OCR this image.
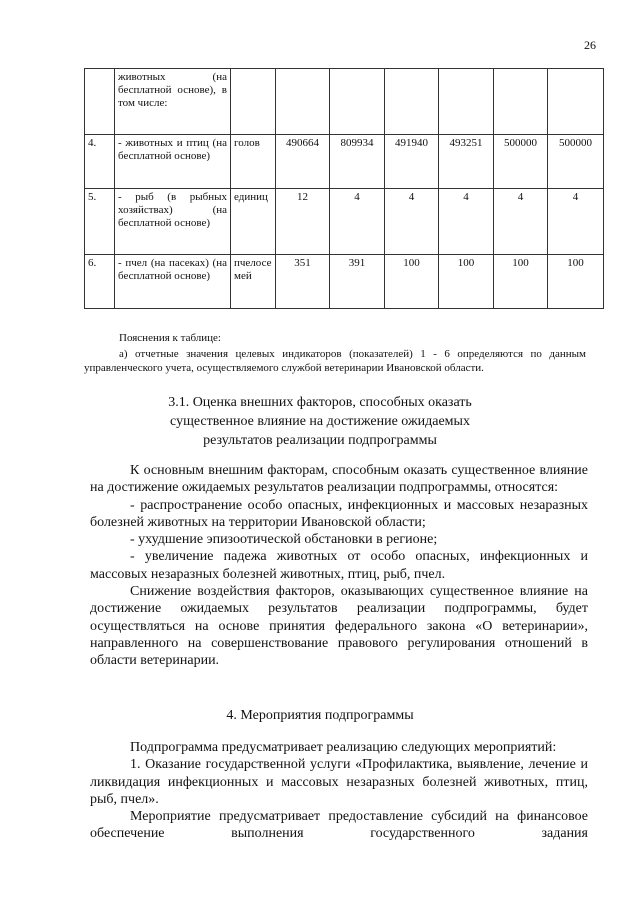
26
	животных (на бесплатной основе), в том числе:							
4.	- животных и птиц (на бесплатной основе)	голов	490664	809934	491940	493251	500000	500000
5.	- рыб (в рыбных хозяйствах) (на бесплатной основе)	единиц	12	4	4	4	4	4
6.	- пчел (на пасеках) (на бесплатной основе)	пчелосемей	351	391	100	100	100	100
Пояснения к таблице:
а) отчетные значения целевых индикаторов (показателей) 1 - 6 определяются по данным управленческого учета, осуществляемого службой ветеринарии Ивановской области.
3.1. Оценка внешних факторов, способных оказать существенное влияние на достижение ожидаемых результатов реализации подпрограммы

К основным внешним факторам, способным оказать существенное влияние на достижение ожидаемых результатов реализации подпрограммы, относятся:

- распространение особо опасных, инфекционных и массовых незаразных болезней животных на территории Ивановской области;

- ухудшение эпизоотической обстановки в регионе;

- увеличение падежа животных от особо опасных, инфекционных и массовых незаразных болезней животных, птиц, рыб, пчел.

Снижение воздействия факторов, оказывающих существенное влияние на достижение ожидаемых результатов реализации подпрограммы, будет осуществляться на основе принятия федерального закона «О ветеринарии», направленного на совершенствование правового регулирования отношений в области ветеринарии.

4. Мероприятия подпрограммы

Подпрограмма предусматривает реализацию следующих мероприятий:

1. Оказание государственной услуги «Профилактика, выявление, лечение и ликвидация инфекционных и массовых незаразных болезней животных, птиц, рыб, пчел».

Мероприятие предусматривает предоставление субсидий на финансовое обеспечение выполнения государственного задания
